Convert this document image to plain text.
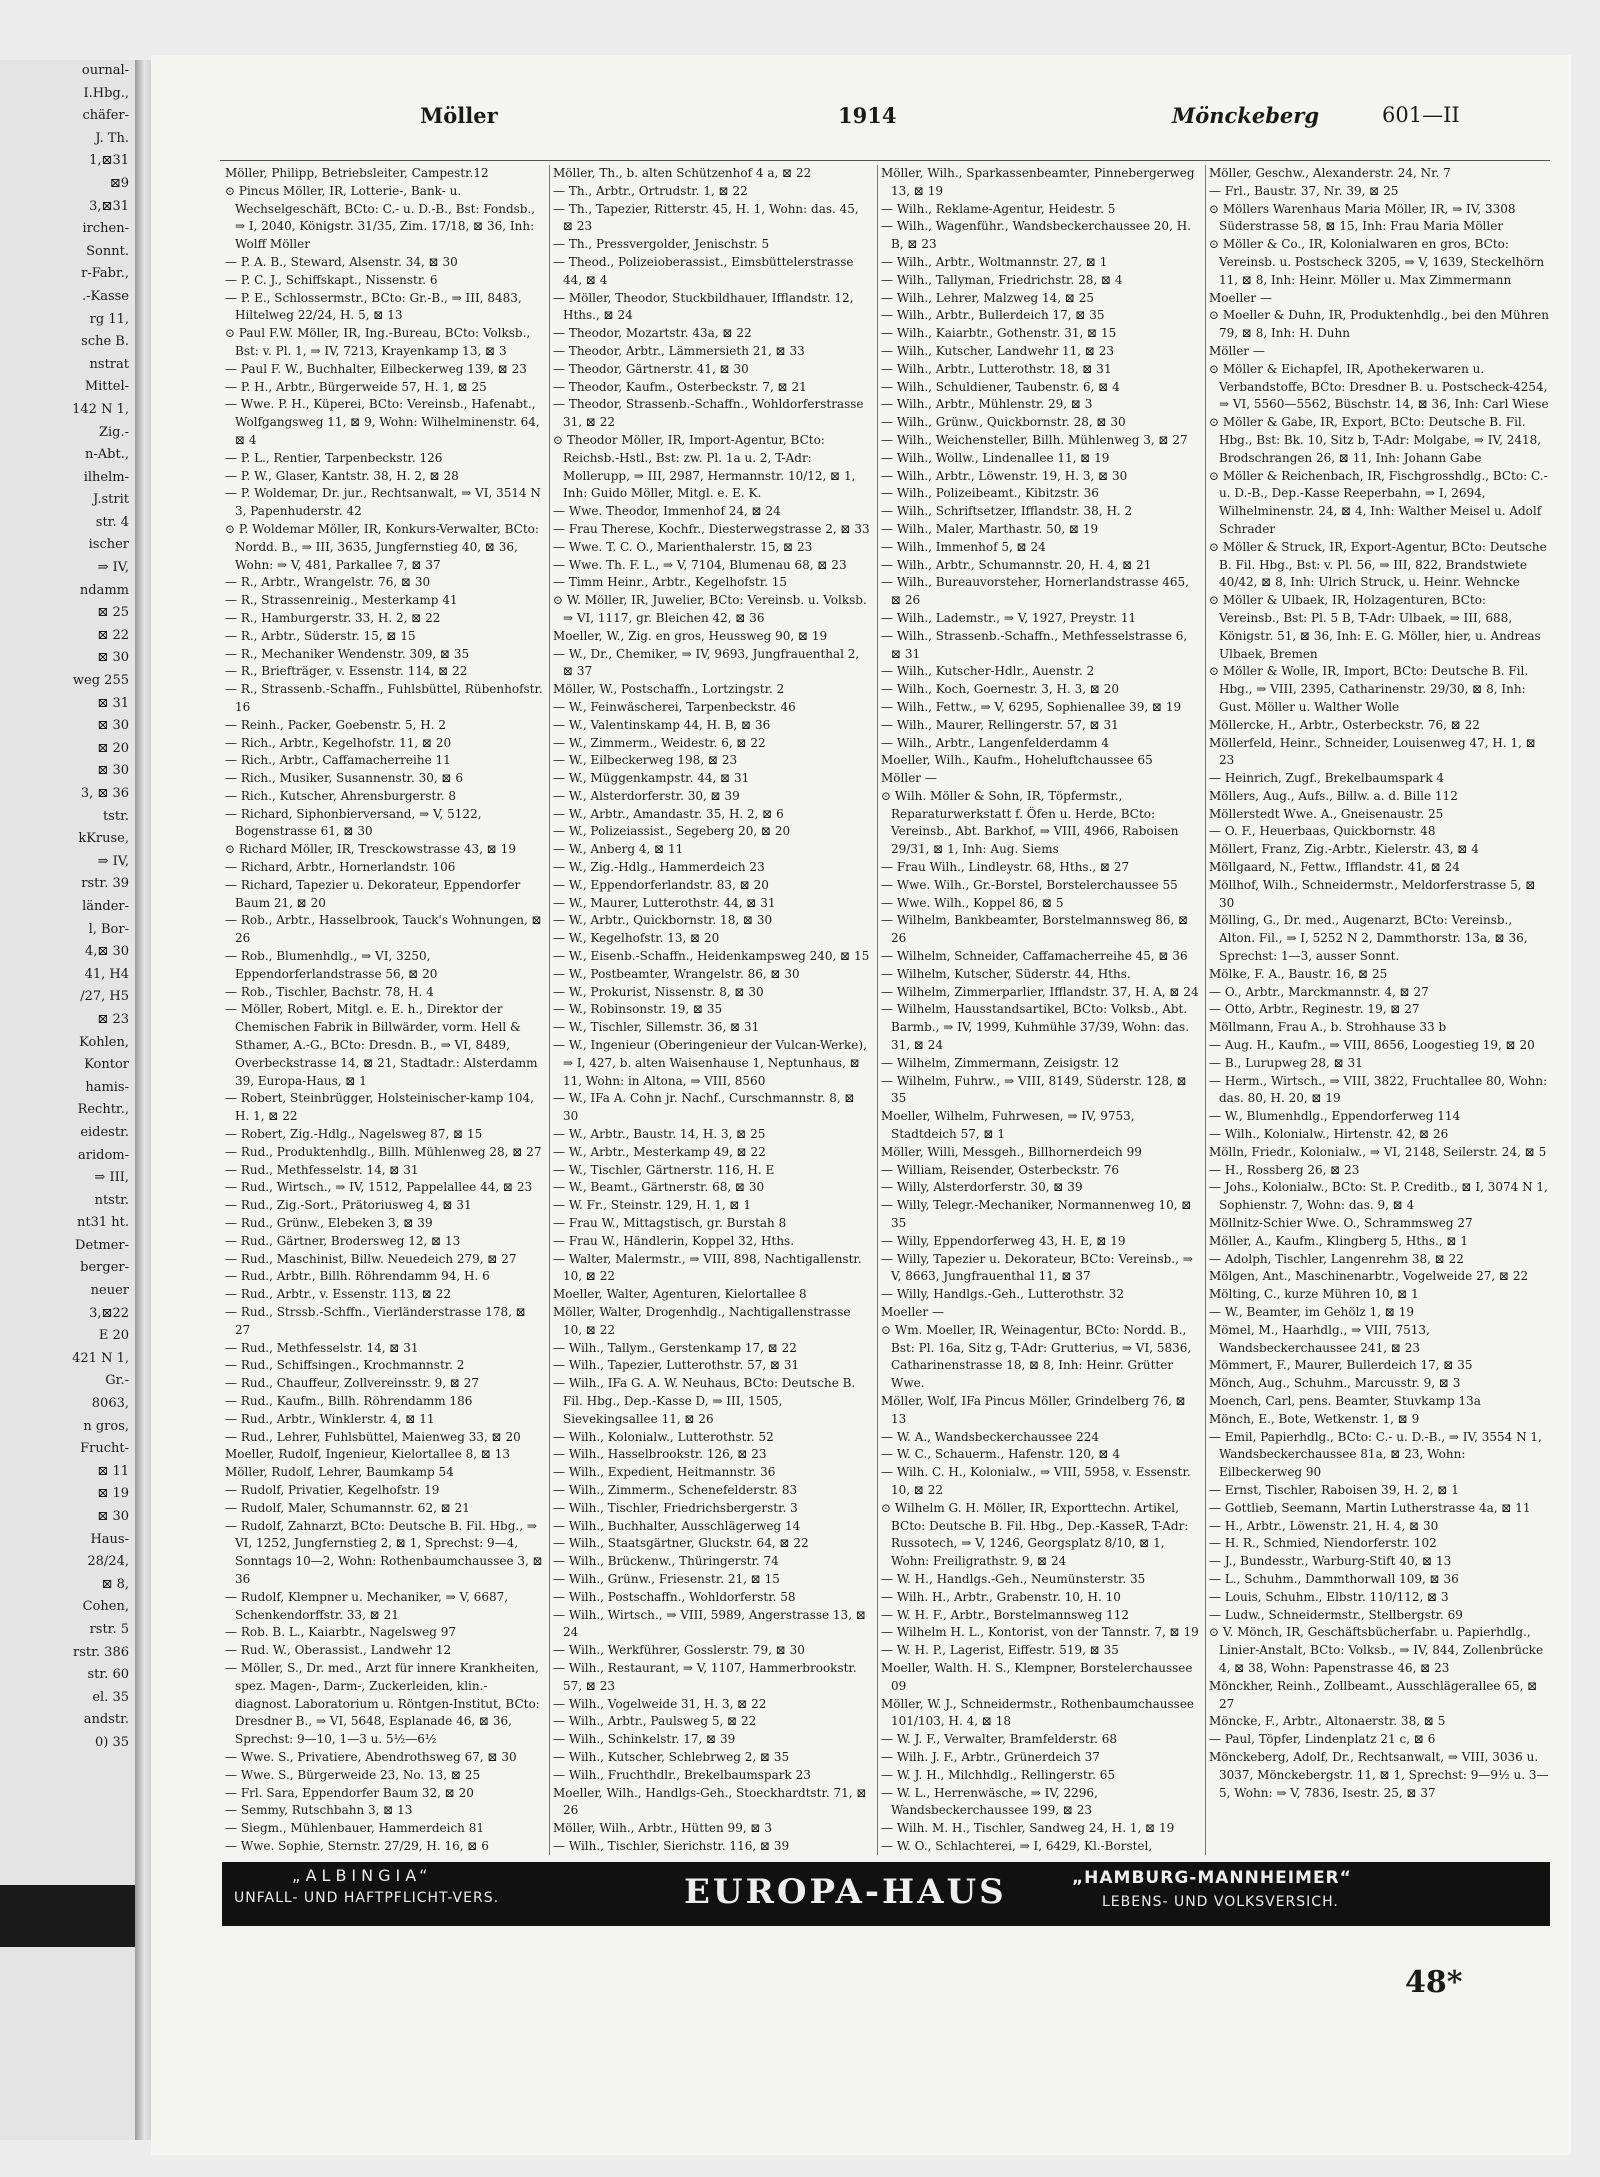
ournal-
I.Hbg.,
chäfer-
J. Th.
1,⊠31
⊠9
3,⊠31
irchen-
Sonnt.
r-Fabr.,
.-Kasse
rg 11,
sche B.
nstrat
Mittel-
142 N 1,
Zig.-
n-Abt.,
ilhelm-
J.strit
str. 4
ischer
⇒ IV,
ndamm
⊠ 25
⊠ 22
⊠ 30
weg 255
⊠ 31
⊠ 30
⊠ 20
⊠ 30
3, ⊠ 36
tstr.
kKruse,
⇒ IV,
rstr. 39
länder-
l, Bor-
4,⊠ 30
41, H4
/27, H5
⊠ 23
Kohlen,
Kontor
hamis-
Rechtr.,
eidestr.
aridom-
⇒ III,
ntstr.
nt31 ht.
Detmer-
berger-
neuer
3,⊠22
E 20
421 N 1,
Gr.-
8063,
n gros,
Frucht-
⊠ 11
⊠ 19
⊠ 30
Haus-
28/24,
⊠ 8,
Cohen,
rstr. 5
rstr. 386
str. 60
el. 35
andstr.
0) 35
Möller	1914	Mönckeberg	601—II

Möller, Philipp, Betriebsleiter, Campestr.12

⊙ Pincus Möller, IR, Lotterie-, Bank- u. Wechselgeschäft, BCto: C.- u. D.-B., Bst: Fondsb., ⇒ I, 2040, Königstr. 31/35, Zim. 17/18, ⊠ 36, Inh: Wolff Möller

— P. A. B., Steward, Alsenstr. 34, ⊠ 30

— P. C. J., Schiffskapt., Nissenstr. 6

— P. E., Schlossermstr., BCto: Gr.-B., ⇒ III, 8483, Hiltelweg 22/24, H. 5, ⊠ 13

⊙ Paul F.W. Möller, IR, Ing.-Bureau, BCto: Volksb., Bst: v. Pl. 1, ⇒ IV, 7213, Krayenkamp 13, ⊠ 3

— Paul F. W., Buchhalter, Eilbeckerweg 139, ⊠ 23

— P. H., Arbtr., Bürgerweide 57, H. 1, ⊠ 25

— Wwe. P. H., Küperei, BCto: Vereinsb., Hafenabt., Wolfgangsweg 11, ⊠ 9, Wohn: Wilhelminenstr. 64, ⊠ 4

— P. L., Rentier, Tarpenbeckstr. 126

— P. W., Glaser, Kantstr. 38, H. 2, ⊠ 28

— P. Woldemar, Dr. jur., Rechtsanwalt, ⇒ VI, 3514 N 3, Papenhuderstr. 42

⊙ P. Woldemar Möller, IR, Konkurs-Verwalter, BCto: Nordd. B., ⇒ III, 3635, Jungfernstieg 40, ⊠ 36, Wohn: ⇒ V, 481, Parkallee 7, ⊠ 37

— R., Arbtr., Wrangelstr. 76, ⊠ 30

— R., Strassenreinig., Mesterkamp 41

— R., Hamburgerstr. 33, H. 2, ⊠ 22

— R., Arbtr., Süderstr. 15, ⊠ 15

— R., Mechaniker Wendenstr. 309, ⊠ 35

— R., Briefträger, v. Essenstr. 114, ⊠ 22

— R., Strassenb.-Schaffn., Fuhlsbüttel, Rübenhofstr. 16

— Reinh., Packer, Goebenstr. 5, H. 2

— Rich., Arbtr., Kegelhofstr. 11, ⊠ 20

— Rich., Arbtr., Caffamacherreihe 11

— Rich., Musiker, Susannenstr. 30, ⊠ 6

— Rich., Kutscher, Ahrensburgerstr. 8

— Richard, Siphonbierversand, ⇒ V, 5122, Bogenstrasse 61, ⊠ 30

⊙ Richard Möller, IR, Tresckowstrasse 43, ⊠ 19

— Richard, Arbtr., Hornerlandstr. 106

— Richard, Tapezier u. Dekorateur, Eppendorfer Baum 21, ⊠ 20

— Rob., Arbtr., Hasselbrook, Tauck's Wohnungen, ⊠ 26

— Rob., Blumenhdlg., ⇒ VI, 3250, Eppendorferlandstrasse 56, ⊠ 20

— Rob., Tischler, Bachstr. 78, H. 4

— Möller, Robert, Mitgl. e. E. h., Direktor der Chemischen Fabrik in Billwärder, vorm. Hell & Sthamer, A.-G., BCto: Dresdn. B., ⇒ VI, 8489, Overbeckstrasse 14, ⊠ 21, Stadtadr.: Alsterdamm 39, Europa-Haus, ⊠ 1

— Robert, Steinbrügger, Holsteinischer-kamp 104, H. 1, ⊠ 22

— Robert, Zig.-Hdlg., Nagelsweg 87, ⊠ 15

— Rud., Produktenhdlg., Billh. Mühlenweg 28, ⊠ 27

— Rud., Methfesselstr. 14, ⊠ 31

— Rud., Wirtsch., ⇒ IV, 1512, Pappelallee 44, ⊠ 23

— Rud., Zig.-Sort., Prätoriusweg 4, ⊠ 31

— Rud., Grünw., Elebeken 3, ⊠ 39

— Rud., Gärtner, Brodersweg 12, ⊠ 13

— Rud., Maschinist, Billw. Neuedeich 279, ⊠ 27

— Rud., Arbtr., Billh. Röhrendamm 94, H. 6

— Rud., Arbtr., v. Essenstr. 113, ⊠ 22

— Rud., Strssb.-Schffn., Vierländerstrasse 178, ⊠ 27

— Rud., Methfesselstr. 14, ⊠ 31

— Rud., Schiffsingen., Krochmannstr. 2

— Rud., Chauffeur, Zollvereinsstr. 9, ⊠ 27

— Rud., Kaufm., Billh. Röhrendamm 186

— Rud., Arbtr., Winklerstr. 4, ⊠ 11

— Rud., Lehrer, Fuhlsbüttel, Maienweg 33, ⊠ 20

Moeller, Rudolf, Ingenieur, Kielortallee 8, ⊠ 13

Möller, Rudolf, Lehrer, Baumkamp 54

— Rudolf, Privatier, Kegelhofstr. 19

— Rudolf, Maler, Schumannstr. 62, ⊠ 21

— Rudolf, Zahnarzt, BCto: Deutsche B. Fil. Hbg., ⇒ VI, 1252, Jungfernstieg 2, ⊠ 1, Sprechst: 9—4, Sonntags 10—2, Wohn: Rothenbaumchaussee 3, ⊠ 36

— Rudolf, Klempner u. Mechaniker, ⇒ V, 6687, Schenkendorffstr. 33, ⊠ 21

— Rob. B. L., Kaiarbtr., Nagelsweg 97

— Rud. W., Oberassist., Landwehr 12

— Möller, S., Dr. med., Arzt für innere Krankheiten, spez. Magen-, Darm-, Zuckerleiden, klin.-diagnost. Laboratorium u. Röntgen-Institut, BCto: Dresdner B., ⇒ VI, 5648, Esplanade 46, ⊠ 36, Sprechst: 9—10, 1—3 u. 5½—6½

— Wwe. S., Privatiere, Abendrothsweg 67, ⊠ 30

— Wwe. S., Bürgerweide 23, No. 13, ⊠ 25

— Frl. Sara, Eppendorfer Baum 32, ⊠ 20

— Semmy, Rutschbahn 3, ⊠ 13

— Siegm., Mühlenbauer, Hammerdeich 81

— Wwe. Sophie, Sternstr. 27/29, H. 16, ⊠ 6

Möller, Th., b. alten Schützenhof 4 a, ⊠ 22

— Th., Arbtr., Ortrudstr. 1, ⊠ 22

— Th., Tapezier, Ritterstr. 45, H. 1, Wohn: das. 45, ⊠ 23

— Th., Pressvergolder, Jenischstr. 5

— Theod., Polizeioberassist., Eimsbüttelerstrasse 44, ⊠ 4

— Möller, Theodor, Stuckbildhauer, Ifflandstr. 12, Hths., ⊠ 24

— Theodor, Mozartstr. 43a, ⊠ 22

— Theodor, Arbtr., Lämmersieth 21, ⊠ 33

— Theodor, Gärtnerstr. 41, ⊠ 30

— Theodor, Kaufm., Osterbeckstr. 7, ⊠ 21

— Theodor, Strassenb.-Schaffn., Wohldorferstrasse 31, ⊠ 22

⊙ Theodor Möller, IR, Import-Agentur, BCto: Reichsb.-Hstl., Bst: zw. Pl. 1a u. 2, T-Adr: Mollerupp, ⇒ III, 2987, Hermannstr. 10/12, ⊠ 1, Inh: Guido Möller, Mitgl. e. E. K.

— Wwe. Theodor, Immenhof 24, ⊠ 24

— Frau Therese, Kochfr., Diesterwegstrasse 2, ⊠ 33

— Wwe. T. C. O., Marienthalerstr. 15, ⊠ 23

— Wwe. Th. F. L., ⇒ V, 7104, Blumenau 68, ⊠ 23

— Timm Heinr., Arbtr., Kegelhofstr. 15

⊙ W. Möller, IR, Juwelier, BCto: Vereinsb. u. Volksb. ⇒ VI, 1117, gr. Bleichen 42, ⊠ 36

Moeller, W., Zig. en gros, Heussweg 90, ⊠ 19

— W., Dr., Chemiker, ⇒ IV, 9693, Jungfrauenthal 2, ⊠ 37

Möller, W., Postschaffn., Lortzingstr. 2

— W., Feinwäscherei, Tarpenbeckstr. 46

— W., Valentinskamp 44, H. B, ⊠ 36

— W., Zimmerm., Weidestr. 6, ⊠ 22

— W., Eilbeckerweg 198, ⊠ 23

— W., Müggenkampstr. 44, ⊠ 31

— W., Alsterdorferstr. 30, ⊠ 39

— W., Arbtr., Amandastr. 35, H. 2, ⊠ 6

— W., Polizeiassist., Segeberg 20, ⊠ 20

— W., Anberg 4, ⊠ 11

— W., Zig.-Hdlg., Hammerdeich 23

— W., Eppendorferlandstr. 83, ⊠ 20

— W., Maurer, Lutterothstr. 44, ⊠ 31

— W., Arbtr., Quickbornstr. 18, ⊠ 30

— W., Kegelhofstr. 13, ⊠ 20

— W., Eisenb.-Schaffn., Heidenkampsweg 240, ⊠ 15

— W., Postbeamter, Wrangelstr. 86, ⊠ 30

— W., Prokurist, Nissenstr. 8, ⊠ 30

— W., Robinsonstr. 19, ⊠ 35

— W., Tischler, Sillemstr. 36, ⊠ 31

— W., Ingenieur (Oberingenieur der Vulcan-Werke), ⇒ I, 427, b. alten Waisenhause 1, Neptunhaus, ⊠ 11, Wohn: in Altona, ⇒ VIII, 8560

— W., IFa A. Cohn jr. Nachf., Curschmannstr. 8, ⊠ 30

— W., Arbtr., Baustr. 14, H. 3, ⊠ 25

— W., Arbtr., Mesterkamp 49, ⊠ 22

— W., Tischler, Gärtnerstr. 116, H. E

— W., Beamt., Gärtnerstr. 68, ⊠ 30

— W. Fr., Steinstr. 129, H. 1, ⊠ 1

— Frau W., Mittagstisch, gr. Burstah 8

— Frau W., Händlerin, Koppel 32, Hths.

— Walter, Malermstr., ⇒ VIII, 898, Nachtigallenstr. 10, ⊠ 22

Moeller, Walter, Agenturen, Kielortallee 8

Möller, Walter, Drogenhdlg., Nachtigallenstrasse 10, ⊠ 22

— Wilh., Tallym., Gerstenkamp 17, ⊠ 22

— Wilh., Tapezier, Lutterothstr. 57, ⊠ 31

— Wilh., IFa G. A. W. Neuhaus, BCto: Deutsche B. Fil. Hbg., Dep.-Kasse D, ⇒ III, 1505, Sievekingsallee 11, ⊠ 26

— Wilh., Kolonialw., Lutterothstr. 52

— Wilh., Hasselbrookstr. 126, ⊠ 23

— Wilh., Expedient, Heitmannstr. 36

— Wilh., Zimmerm., Schenefelderstr. 83

— Wilh., Tischler, Friedrichsbergerstr. 3

— Wilh., Buchhalter, Ausschlägerweg 14

— Wilh., Staatsgärtner, Gluckstr. 64, ⊠ 22

— Wilh., Brückenw., Thüringerstr. 74

— Wilh., Grünw., Friesenstr. 21, ⊠ 15

— Wilh., Postschaffn., Wohldorferstr. 58

— Wilh., Wirtsch., ⇒ VIII, 5989, Angerstrasse 13, ⊠ 24

— Wilh., Werkführer, Gosslerstr. 79, ⊠ 30

— Wilh., Restaurant, ⇒ V, 1107, Hammerbrookstr. 57, ⊠ 23

— Wilh., Vogelweide 31, H. 3, ⊠ 22

— Wilh., Arbtr., Paulsweg 5, ⊠ 22

— Wilh., Schinkelstr. 17, ⊠ 39

— Wilh., Kutscher, Schlebrweg 2, ⊠ 35

— Wilh., Fruchthdlr., Brekelbaumspark 23

Moeller, Wilh., Handlgs-Geh., Stoeckhardtstr. 71, ⊠ 26

Möller, Wilh., Arbtr., Hütten 99, ⊠ 3

— Wilh., Tischler, Sierichstr. 116, ⊠ 39

Möller, Wilh., Sparkassenbeamter, Pinnebergerweg 13, ⊠ 19

— Wilh., Reklame-Agentur, Heidestr. 5

— Wilh., Wagenführ., Wandsbeckerchaussee 20, H. B, ⊠ 23

— Wilh., Arbtr., Woltmannstr. 27, ⊠ 1

— Wilh., Tallyman, Friedrichstr. 28, ⊠ 4

— Wilh., Lehrer, Malzweg 14, ⊠ 25

— Wilh., Arbtr., Bullerdeich 17, ⊠ 35

— Wilh., Kaiarbtr., Gothenstr. 31, ⊠ 15

— Wilh., Kutscher, Landwehr 11, ⊠ 23

— Wilh., Arbtr., Lutterothstr. 18, ⊠ 31

— Wilh., Schuldiener, Taubenstr. 6, ⊠ 4

— Wilh., Arbtr., Mühlenstr. 29, ⊠ 3

— Wilh., Grünw., Quickbornstr. 28, ⊠ 30

— Wilh., Weichensteller, Billh. Mühlenweg 3, ⊠ 27

— Wilh., Wollw., Lindenallee 11, ⊠ 19

— Wilh., Arbtr., Löwenstr. 19, H. 3, ⊠ 30

— Wilh., Polizeibeamt., Kibitzstr. 36

— Wilh., Schriftsetzer, Ifflandstr. 38, H. 2

— Wilh., Maler, Marthastr. 50, ⊠ 19

— Wilh., Immenhof 5, ⊠ 24

— Wilh., Arbtr., Schumannstr. 20, H. 4, ⊠ 21

— Wilh., Bureauvorsteher, Hornerlandstrasse 465, ⊠ 26

— Wilh., Lademstr., ⇒ V, 1927, Preystr. 11

— Wilh., Strassenb.-Schaffn., Methfesselstrasse 6, ⊠ 31

— Wilh., Kutscher-Hdlr., Auenstr. 2

— Wilh., Koch, Goernestr. 3, H. 3, ⊠ 20

— Wilh., Fettw., ⇒ V, 6295, Sophienallee 39, ⊠ 19

— Wilh., Maurer, Rellingerstr. 57, ⊠ 31

— Wilh., Arbtr., Langenfelderdamm 4

Moeller, Wilh., Kaufm., Hoheluftchaussee 65

Möller —

⊙ Wilh. Möller & Sohn, IR, Töpfermstr., Reparaturwerkstatt f. Öfen u. Herde, BCto: Vereinsb., Abt. Barkhof, ⇒ VIII, 4966, Raboisen 29/31, ⊠ 1, Inh: Aug. Siems

— Frau Wilh., Lindleystr. 68, Hths., ⊠ 27

— Wwe. Wilh., Gr.-Borstel, Borstelerchaussee 55

— Wwe. Wilh., Koppel 86, ⊠ 5

— Wilhelm, Bankbeamter, Borstelmannsweg 86, ⊠ 26

— Wilhelm, Schneider, Caffamacherreihe 45, ⊠ 36

— Wilhelm, Kutscher, Süderstr. 44, Hths.

— Wilhelm, Zimmerparlier, Ifflandstr. 37, H. A, ⊠ 24

— Wilhelm, Hausstandsartikel, BCto: Volksb., Abt. Barmb., ⇒ IV, 1999, Kuhmühle 37/39, Wohn: das. 31, ⊠ 24

— Wilhelm, Zimmermann, Zeisigstr. 12

— Wilhelm, Fuhrw., ⇒ VIII, 8149, Süderstr. 128, ⊠ 35

Moeller, Wilhelm, Fuhrwesen, ⇒ IV, 9753, Stadtdeich 57, ⊠ 1

Möller, Willi, Messgeh., Billhornerdeich 99

— William, Reisender, Osterbeckstr. 76

— Willy, Alsterdorferstr. 30, ⊠ 39

— Willy, Telegr.-Mechaniker, Normannenweg 10, ⊠ 35

— Willy, Eppendorferweg 43, H. E, ⊠ 19

— Willy, Tapezier u. Dekorateur, BCto: Vereinsb., ⇒ V, 8663, Jungfrauenthal 11, ⊠ 37

— Willy, Handlgs.-Geh., Lutterothstr. 32

Moeller —

⊙ Wm. Moeller, IR, Weinagentur, BCto: Nordd. B., Bst: Pl. 16a, Sitz g, T-Adr: Grutterius, ⇒ VI, 5836, Catharinenstrasse 18, ⊠ 8, Inh: Heinr. Grütter Wwe.

Möller, Wolf, IFa Pincus Möller, Grindelberg 76, ⊠ 13

— W. A., Wandsbeckerchaussee 224

— W. C., Schauerm., Hafenstr. 120, ⊠ 4

— Wilh. C. H., Kolonialw., ⇒ VIII, 5958, v. Essenstr. 10, ⊠ 22

⊙ Wilhelm G. H. Möller, IR, Exporttechn. Artikel, BCto: Deutsche B. Fil. Hbg., Dep.-KasseR, T-Adr: Russotech, ⇒ V, 1246, Georgsplatz 8/10, ⊠ 1, Wohn: Freiligrathstr. 9, ⊠ 24

— W. H., Handlgs.-Geh., Neumünsterstr. 35

— Wilh. H., Arbtr., Grabenstr. 10, H. 10

— W. H. F., Arbtr., Borstelmannsweg 112

— Wilhelm H. L., Kontorist, von der Tannstr. 7, ⊠ 19

— W. H. P., Lagerist, Eiffestr. 519, ⊠ 35

Moeller, Walth. H. S., Klempner, Borstelerchaussee 09

Möller, W. J., Schneidermstr., Rothenbaumchaussee 101/103, H. 4, ⊠ 18

— W. J. F., Verwalter, Bramfelderstr. 68

— Wilh. J. F., Arbtr., Grünerdeich 37

— W. J. H., Milchhdlg., Rellingerstr. 65

— W. L., Herrenwäsche, ⇒ IV, 2296, Wandsbeckerchaussee 199, ⊠ 23

— Wilh. M. H., Tischler, Sandweg 24, H. 1, ⊠ 19

— W. O., Schlachterei, ⇒ I, 6429, Kl.-Borstel,

Möller, Geschw., Alexanderstr. 24, Nr. 7

— Frl., Baustr. 37, Nr. 39, ⊠ 25

⊙ Möllers Warenhaus Maria Möller, IR, ⇒ IV, 3308 Süderstrasse 58, ⊠ 15, Inh: Frau Maria Möller

⊙ Möller & Co., IR, Kolonialwaren en gros, BCto: Vereinsb. u. Postscheck 3205, ⇒ V, 1639, Steckelhörn 11, ⊠ 8, Inh: Heinr. Möller u. Max Zimmermann

Moeller —

⊙ Moeller & Duhn, IR, Produktenhdlg., bei den Mühren 79, ⊠ 8, Inh: H. Duhn

Möller —

⊙ Möller & Eichapfel, IR, Apothekerwaren u. Verbandstoffe, BCto: Dresdner B. u. Postscheck-4254, ⇒ VI, 5560—5562, Büschstr. 14, ⊠ 36, Inh: Carl Wiese

⊙ Möller & Gabe, IR, Export, BCto: Deutsche B. Fil. Hbg., Bst: Bk. 10, Sitz b, T-Adr: Molgabe, ⇒ IV, 2418, Brodschrangen 26, ⊠ 11, Inh: Johann Gabe

⊙ Möller & Reichenbach, IR, Fischgrosshdlg., BCto: C.- u. D.-B., Dep.-Kasse Reeperbahn, ⇒ I, 2694, Wilhelminenstr. 24, ⊠ 4, Inh: Walther Meisel u. Adolf Schrader

⊙ Möller & Struck, IR, Export-Agentur, BCto: Deutsche B. Fil. Hbg., Bst: v. Pl. 56, ⇒ III, 822, Brandstwiete 40/42, ⊠ 8, Inh: Ulrich Struck, u. Heinr. Wehncke

⊙ Möller & Ulbaek, IR, Holzagenturen, BCto: Vereinsb., Bst: Pl. 5 B, T-Adr: Ulbaek, ⇒ III, 688, Königstr. 51, ⊠ 36, Inh: E. G. Möller, hier, u. Andreas Ulbaek, Bremen

⊙ Möller & Wolle, IR, Import, BCto: Deutsche B. Fil. Hbg., ⇒ VIII, 2395, Catharinenstr. 29/30, ⊠ 8, Inh: Gust. Möller u. Walther Wolle

Möllercke, H., Arbtr., Osterbeckstr. 76, ⊠ 22

Möllerfeld, Heinr., Schneider, Louisenweg 47, H. 1, ⊠ 23

— Heinrich, Zugf., Brekelbaumspark 4

Möllers, Aug., Aufs., Billw. a. d. Bille 112

Möllerstedt Wwe. A., Gneisenaustr. 25

— O. F., Heuerbaas, Quickbornstr. 48

Möllert, Franz, Zig.-Arbtr., Kielerstr. 43, ⊠ 4

Möllgaard, N., Fettw., Ifflandstr. 41, ⊠ 24

Möllhof, Wilh., Schneidermstr., Meldorferstrasse 5, ⊠ 30

Mölling, G., Dr. med., Augenarzt, BCto: Vereinsb., Alton. Fil., ⇒ I, 5252 N 2, Dammthorstr. 13a, ⊠ 36, Sprechst: 1—3, ausser Sonnt.

Mölke, F. A., Baustr. 16, ⊠ 25

— O., Arbtr., Marckmannstr. 4, ⊠ 27

— Otto, Arbtr., Reginestr. 19, ⊠ 27

Möllmann, Frau A., b. Strohhause 33 b

— Aug. H., Kaufm., ⇒ VIII, 8656, Loogestieg 19, ⊠ 20

— B., Lurupweg 28, ⊠ 31

— Herm., Wirtsch., ⇒ VIII, 3822, Fruchtallee 80, Wohn: das. 80, H. 20, ⊠ 19

— W., Blumenhdlg., Eppendorferweg 114

— Wilh., Kolonialw., Hirtenstr. 42, ⊠ 26

Mölln, Friedr., Kolonialw., ⇒ VI, 2148, Seilerstr. 24, ⊠ 5

— H., Rossberg 26, ⊠ 23

— Johs., Kolonialw., BCto: St. P. Creditb., ⊠ I, 3074 N 1, Sophienstr. 7, Wohn: das. 9, ⊠ 4

Möllnitz-Schier Wwe. O., Schrammsweg 27

Möller, A., Kaufm., Klingberg 5, Hths., ⊠ 1

— Adolph, Tischler, Langenrehm 38, ⊠ 22

Mölgen, Ant., Maschinenarbtr., Vogelweide 27, ⊠ 22

Mölting, C., kurze Mühren 10, ⊠ 1

— W., Beamter, im Gehölz 1, ⊠ 19

Mömel, M., Haarhdlg., ⇒ VIII, 7513, Wandsbeckerchaussee 241, ⊠ 23

Mömmert, F., Maurer, Bullerdeich 17, ⊠ 35

Mönch, Aug., Schuhm., Marcusstr. 9, ⊠ 3

Moench, Carl, pens. Beamter, Stuvkamp 13a

Mönch, E., Bote, Wetkenstr. 1, ⊠ 9

— Emil, Papierhdlg., BCto: C.- u. D.-B., ⇒ IV, 3554 N 1, Wandsbeckerchaussee 81a, ⊠ 23, Wohn: Eilbeckerweg 90

— Ernst, Tischler, Raboisen 39, H. 2, ⊠ 1

— Gottlieb, Seemann, Martin Lutherstrasse 4a, ⊠ 11

— H., Arbtr., Löwenstr. 21, H. 4, ⊠ 30

— H. R., Schmied, Niendorferstr. 102

— J., Bundesstr., Warburg-Stift 40, ⊠ 13

— L., Schuhm., Dammthorwall 109, ⊠ 36

— Louis, Schuhm., Elbstr. 110/112, ⊠ 3

— Ludw., Schneidermstr., Stellbergstr. 69

⊙ V. Mönch, IR, Geschäftsbücherfabr. u. Papierhdlg., Linier-Anstalt, BCto: Volksb., ⇒ IV, 844, Zollenbrücke 4, ⊠ 38, Wohn: Papenstrasse 46, ⊠ 23

Mönckher, Reinh., Zollbeamt., Ausschlägerallee 65, ⊠ 27

Möncke, F., Arbtr., Altonaerstr. 38, ⊠ 5

— Paul, Töpfer, Lindenplatz 21 c, ⊠ 6

Mönckeberg, Adolf, Dr., Rechtsanwalt, ⇒ VIII, 3036 u. 3037, Mönckebergstr. 11, ⊠ 1, Sprechst: 9—9½ u. 3—5, Wohn: ⇒ V, 7836, Isestr. 25, ⊠ 37

„ALBINGIA“
UNFALL- UND HAFTPFLICHT-VERS.	EUROPA-HAUS	„HAMBURG-MANNHEIMER“
LEBENS- UND VOLKSVERSICH.
48*
